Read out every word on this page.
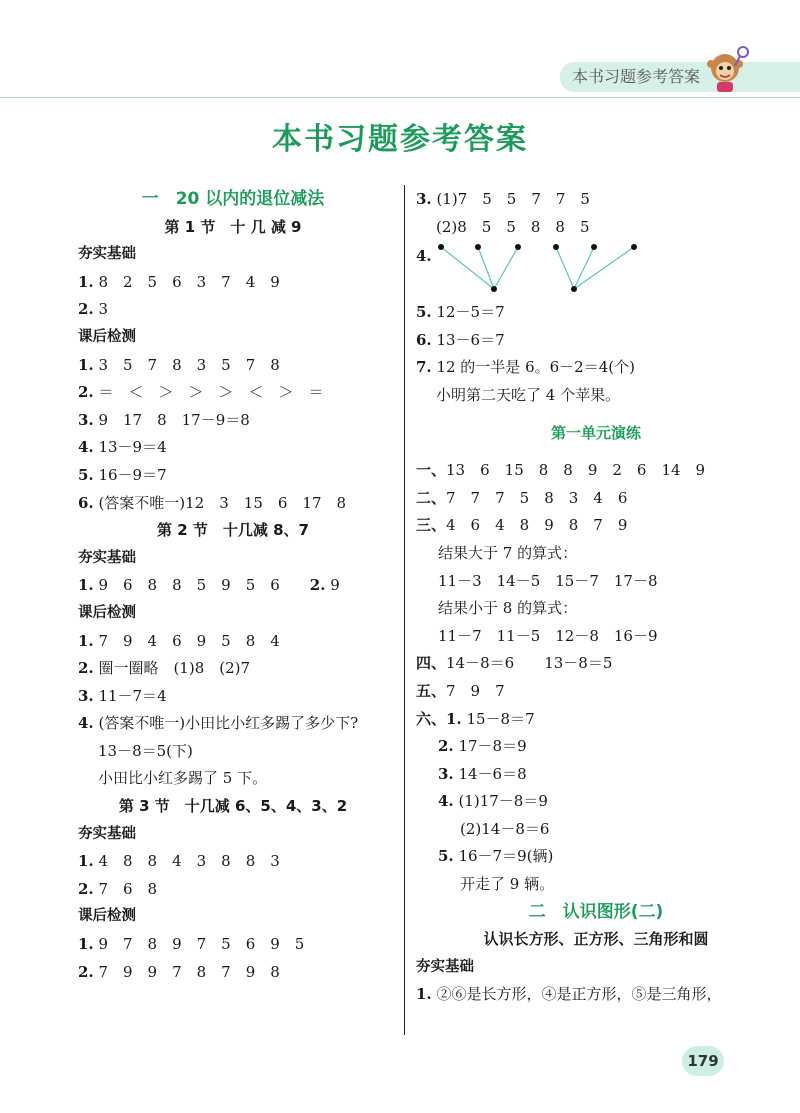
本书习题参考答案
本书习题参考答案
一　20 以内的退位减法
第 1 节　十 几 减 9
夯实基础
1. 8　2　5　6　3　7　4　9
2. 3
课后检测
1. 3　5　7　8　3　5　7　8
2. ＝　＜　＞　＞　＞　＜　＞　＝
3. 9　17　8　17－9＝8
4. 13－9＝4
5. 16－9＝7
6. (答案不唯一)12　3　15　6　17　8
第 2 节　十几减 8、7
夯实基础
1. 9　6　8　8　5　9　5　6　　2. 9
课后检测
1. 7　9　4　6　9　5　8　4
2. 圈一圈略　(1)8　(2)7
3. 11－7＝4
4. (答案不唯一)小田比小红多踢了多少下?
13－8＝5(下)
小田比小红多踢了 5 下。
第 3 节　十几减 6、5、4、3、2
夯实基础
1. 4　8　8　4　3　8　8　3
2. 7　6　8
课后检测
1. 9　7　8　9　7　5　6　9　5
2. 7　9　9　7　8　7　9　8
3. (1)7　5　5　7　7　5
(2)8　5　5　8　8　5
4.
5. 12－5＝7
6. 13－6＝7
7. 12 的一半是 6。6－2＝4(个)
小明第二天吃了 4 个苹果。
第一单元演练
一、13　6　15　8　8　9　2　6　14　9
二、7　7　7　5　8　3　4　6
三、4　6　4　8　9　8　7　9
结果大于 7 的算式：
11－3　14－5　15－7　17－8
结果小于 8 的算式：
11－7　11－5　12－8　16－9
四、14－8＝6　　13－8＝5
五、7　9　7
六、1. 15－8＝7
2. 17－8＝9
3. 14－6＝8
4. (1)17－8＝9
(2)14－8＝6
5. 16－7＝9(辆)
开走了 9 辆。
二　认识图形(二)
认识长方形、正方形、三角形和圆
夯实基础
1. ②⑥是长方形，④是正方形，⑤是三角形，
179
